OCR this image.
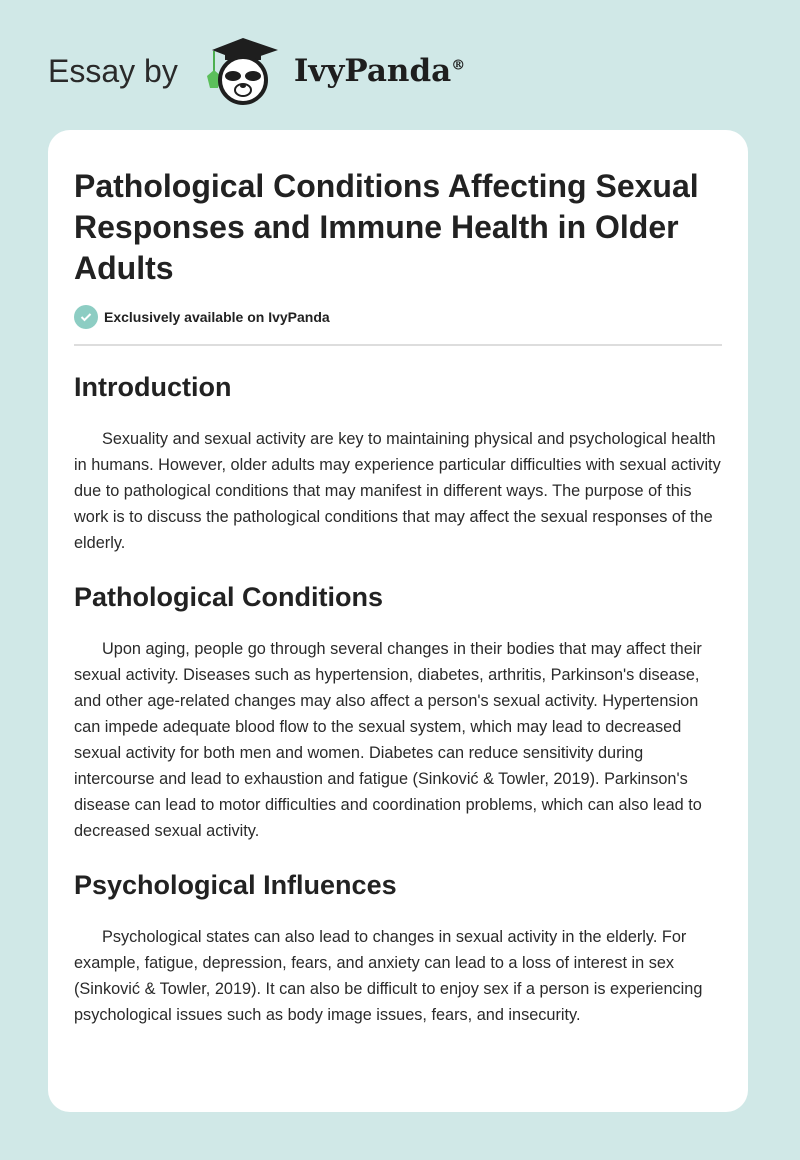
Essay by	IvyPanda®
Pathological Conditions Affecting Sexual Responses and Immune Health in Older Adults
Exclusively available on IvyPanda
Introduction

Sexuality and sexual activity are key to maintaining physical and psychological health in humans. However, older adults may experience particular difficulties with sexual activity due to pathological conditions that may manifest in different ways. The purpose of this work is to discuss the pathological conditions that may affect the sexual responses of the elderly.

Pathological Conditions

Upon aging, people go through several changes in their bodies that may affect their sexual activity. Diseases such as hypertension, diabetes, arthritis, Parkinson's disease, and other age-related changes may also affect a person's sexual activity. Hypertension can impede adequate blood flow to the sexual system, which may lead to decreased sexual activity for both men and women. Diabetes can reduce sensitivity during intercourse and lead to exhaustion and fatigue (Sinković & Towler, 2019). Parkinson's disease can lead to motor difficulties and coordination problems, which can also lead to decreased sexual activity.

Psychological Influences

Psychological states can also lead to changes in sexual activity in the elderly. For example, fatigue, depression, fears, and anxiety can lead to a loss of interest in sex (Sinković & Towler, 2019). It can also be difficult to enjoy sex if a person is experiencing psychological issues such as body image issues, fears, and insecurity.
